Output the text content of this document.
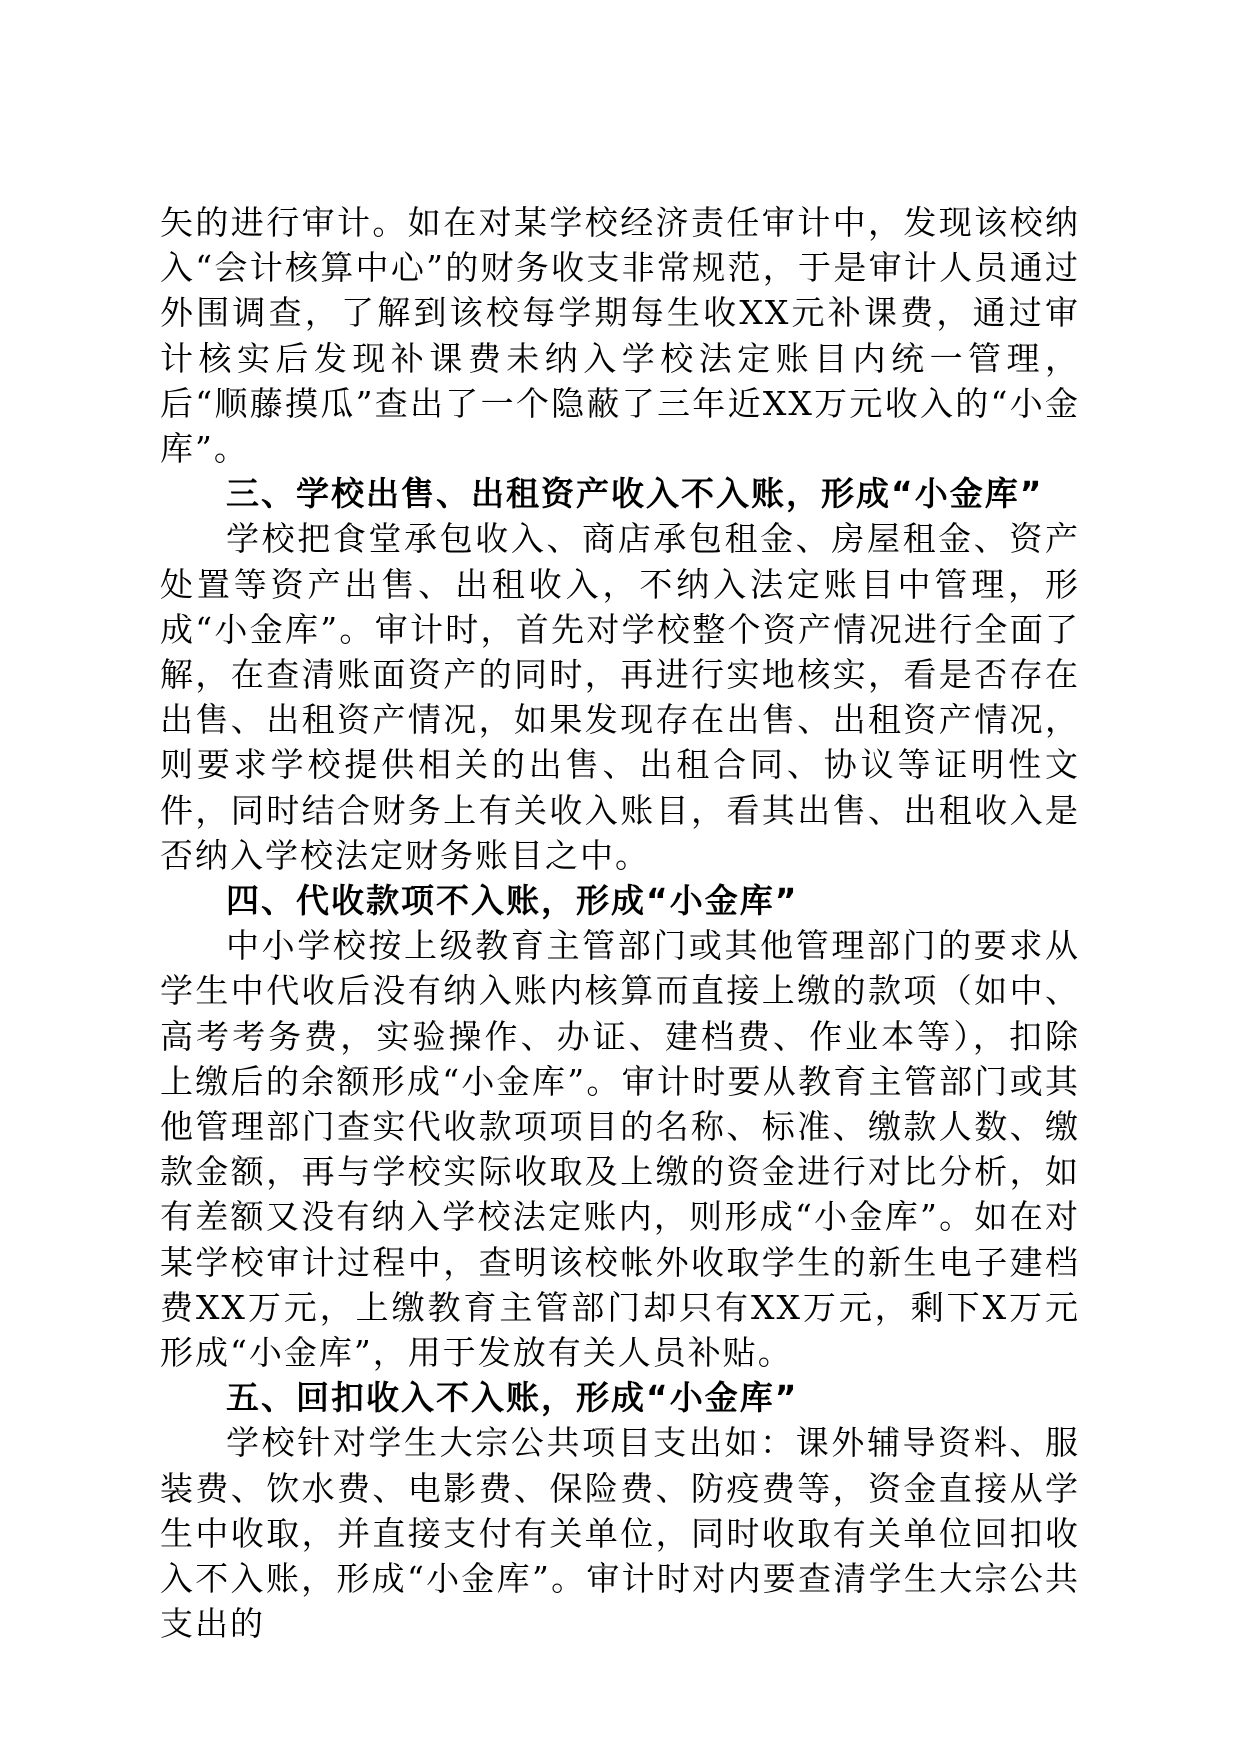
矢的进行审计。如在对某学校经济责任审计中，发现该校纳入“会计核算中心”的财务收支非常规范，于是审计人员通过外围调查，了解到该校每学期每生收XX元补课费，通过审计核实后发现补课费未纳入学校法定账目内统一管理，后“顺藤摸瓜”查出了一个隐蔽了三年近XX万元收入的“小金库”。

三、学校出售、出租资产收入不入账，形成“小金库”

学校把食堂承包收入、商店承包租金、房屋租金、资产处置等资产出售、出租收入，不纳入法定账目中管理，形成“小金库”。审计时，首先对学校整个资产情况进行全面了解，在查清账面资产的同时，再进行实地核实，看是否存在出售、出租资产情况，如果发现存在出售、出租资产情况，则要求学校提供相关的出售、出租合同、协议等证明性文件，同时结合财务上有关收入账目，看其出售、出租收入是否纳入学校法定财务账目之中。

四、代收款项不入账，形成“小金库”

中小学校按上级教育主管部门或其他管理部门的要求从学生中代收后没有纳入账内核算而直接上缴的款项（如中、高考考务费，实验操作、办证、建档费、作业本等），扣除上缴后的余额形成“小金库”。审计时要从教育主管部门或其他管理部门查实代收款项项目的名称、标准、缴款人数、缴款金额，再与学校实际收取及上缴的资金进行对比分析，如有差额又没有纳入学校法定账内，则形成“小金库”。如在对某学校审计过程中，查明该校帐外收取学生的新生电子建档费XX万元，上缴教育主管部门却只有XX万元，剩下X万元形成“小金库”，用于发放有关人员补贴。

五、回扣收入不入账，形成“小金库”

学校针对学生大宗公共项目支出如：课外辅导资料、服装费、饮水费、电影费、保险费、防疫费等，资金直接从学生中收取，并直接支付有关单位，同时收取有关单位回扣收入不入账，形成“小金库”。审计时对内要查清学生大宗公共支出的
